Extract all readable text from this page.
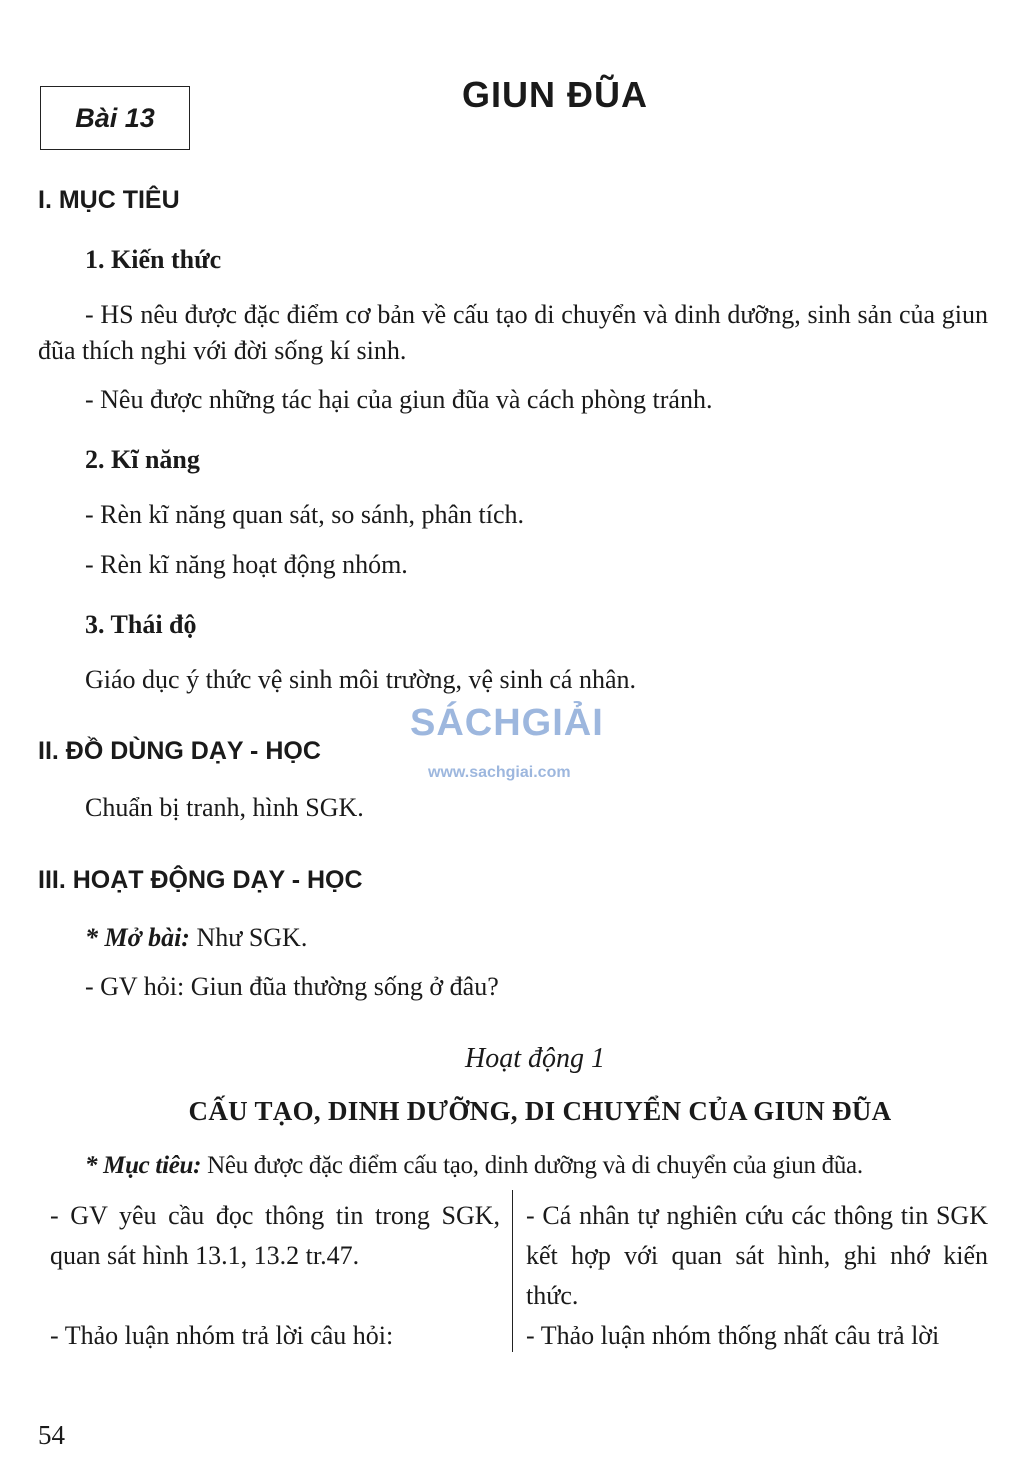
Bài 13
GIUN ĐŨA
I. MỤC TIÊU
1. Kiến thức
- HS nêu được đặc điểm cơ bản về cấu tạo di chuyển và dinh dưỡng, sinh sản của giun đũa thích nghi với đời sống kí sinh.
- Nêu được những tác hại của giun đũa và cách phòng tránh.
2. Kĩ năng
- Rèn kĩ năng quan sát, so sánh, phân tích.
- Rèn kĩ năng hoạt động nhóm.
3. Thái độ
Giáo dục ý thức vệ sinh môi trường, vệ sinh cá nhân.
SÁCHGIẢI
www.sachgiai.com
II. ĐỒ DÙNG DẠY - HỌC
Chuẩn bị tranh, hình SGK.
III. HOẠT ĐỘNG DẠY - HỌC
* Mở bài: Như SGK.
- GV hỏi: Giun đũa thường sống ở đâu?
Hoạt động 1
CẤU TẠO, DINH DƯỠNG, DI CHUYỂN CỦA GIUN ĐŨA
* Mục tiêu: Nêu được đặc điểm cấu tạo, dinh dưỡng và di chuyển của giun đũa.
- GV yêu cầu đọc thông tin trong SGK, quan sát hình 13.1, 13.2 tr.47.
- Thảo luận nhóm trả lời câu hỏi:
- Cá nhân tự nghiên cứu các thông tin SGK kết hợp với quan sát hình, ghi nhớ kiến thức.
- Thảo luận nhóm thống nhất câu trả lời
54
